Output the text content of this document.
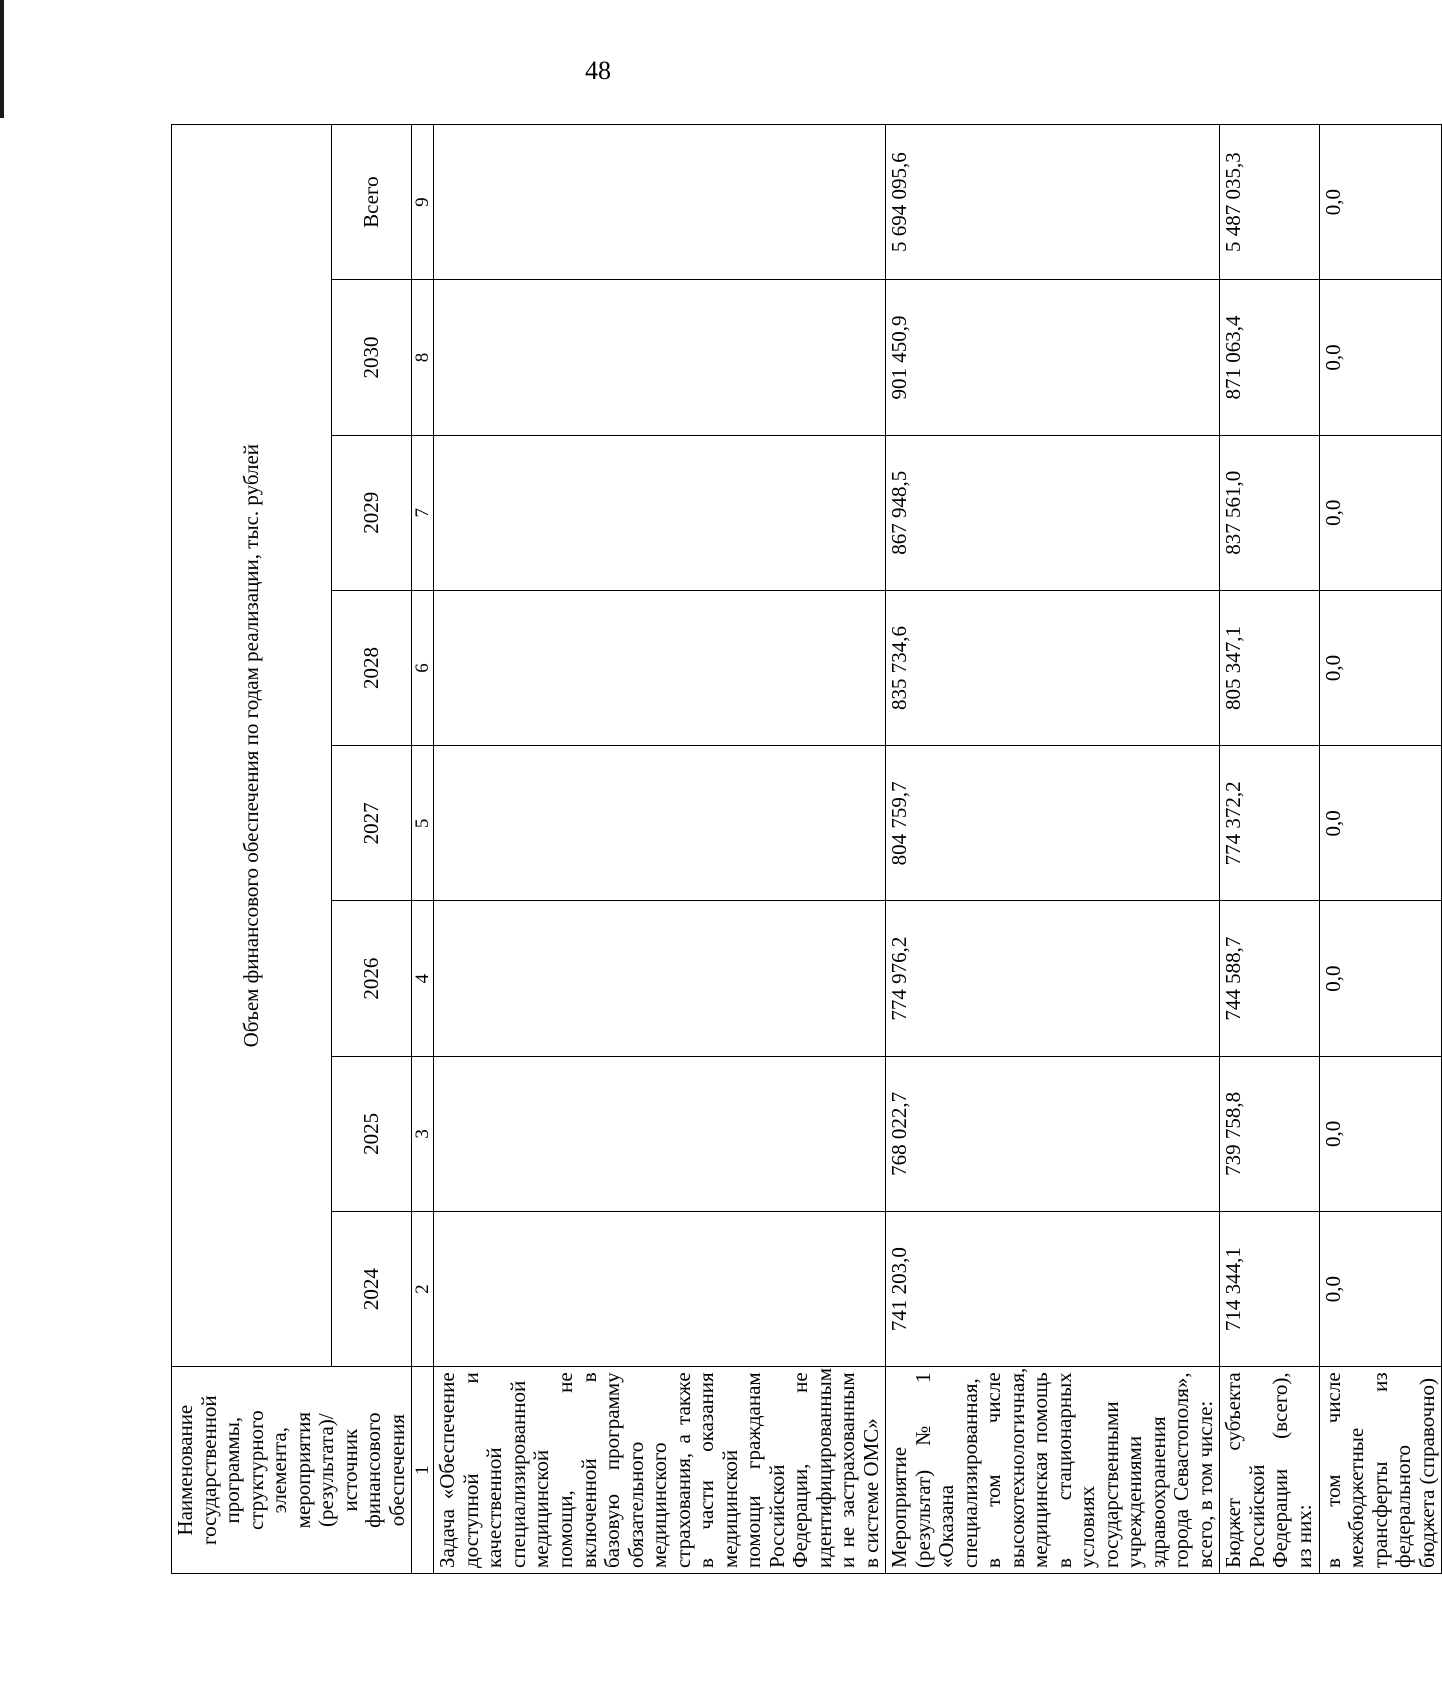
48
Наименование государственной программы, структурного элемента, мероприятия (результата)/источник финансового обеспечения	Объем финансового обеспечения по годам реализации, тыс. рублей							
	2024	2025	2026	2027	2028	2029	2030	Всего
1	2	3	4	5	6	7	8	9
Задача «Обеспечение доступной и качественной специализированной медицинской помощи, не включенной в базовую программу обязательного медицинского страхования, а также в части оказания медицинской помощи гражданам Российской Федерации, не идентифицированным и не застрахованным в системе ОМС»								
Мероприятие (результат) № 1 «Оказана специализированная, в том числе высокотехнологичная, медицинская помощь в стационарных условиях государственными учреждениями здравоохранения города Севастополя», всего, в том числе:	741 203,0	768 022,7	774 976,2	804 759,7	835 734,6	867 948,5	901 450,9	5 694 095,6
Бюджет субъекта Российской Федерации (всего), из них:	714 344,1	739 758,8	744 588,7	774 372,2	805 347,1	837 561,0	871 063,4	5 487 035,3
в том числе межбюджетные трансферты из федерального бюджета (справочно)	0,0	0,0	0,0	0,0	0,0	0,0	0,0	0,0
